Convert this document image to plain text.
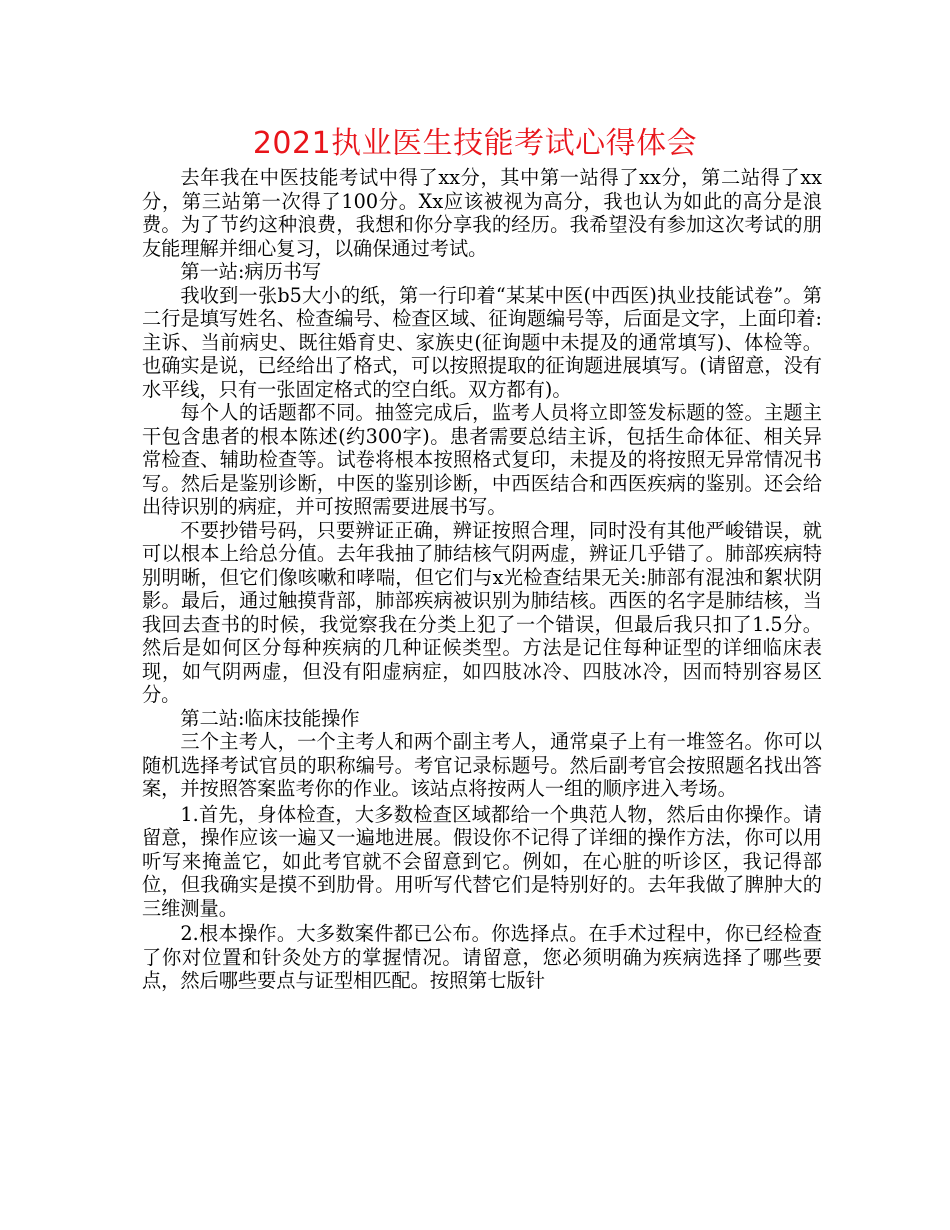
2021执业医生技能考试心得体会

去年我在中医技能考试中得了xx分，其中第一站得了xx分，第二站得了xx分，第三站第一次得了100分。Xx应该被视为高分，我也认为如此的高分是浪费。为了节约这种浪费，我想和你分享我的经历。我希望没有参加这次考试的朋友能理解并细心复习，以确保通过考试。

第一站:病历书写

我收到一张b5大小的纸，第一行印着“某某中医(中西医)执业技能试卷”。第二行是填写姓名、检查编号、检查区域、征询题编号等，后面是文字，上面印着:主诉、当前病史、既往婚育史、家族史(征询题中未提及的通常填写)、体检等。也确实是说，已经给出了格式，可以按照提取的征询题进展填写。(请留意，没有水平线，只有一张固定格式的空白纸。双方都有)。

每个人的话题都不同。抽签完成后，监考人员将立即签发标题的签。主题主干包含患者的根本陈述(约300字)。患者需要总结主诉，包括生命体征、相关异常检查、辅助检查等。试卷将根本按照格式复印，未提及的将按照无异常情况书写。然后是鉴别诊断，中医的鉴别诊断，中西医结合和西医疾病的鉴别。还会给出待识别的病症，并可按照需要进展书写。

不要抄错号码，只要辨证正确，辨证按照合理，同时没有其他严峻错误，就可以根本上给总分值。去年我抽了肺结核气阴两虚，辨证几乎错了。肺部疾病特别明晰，但它们像咳嗽和哮喘，但它们与x光检查结果无关:肺部有混浊和絮状阴影。最后，通过触摸背部，肺部疾病被识别为肺结核。西医的名字是肺结核，当我回去查书的时候，我觉察我在分类上犯了一个错误，但最后我只扣了1.5分。然后是如何区分每种疾病的几种证候类型。方法是记住每种证型的详细临床表现，如气阴两虚，但没有阳虚病症，如四肢冰冷、四肢冰冷，因而特别容易区分。

第二站:临床技能操作

三个主考人，一个主考人和两个副主考人，通常桌子上有一堆签名。你可以随机选择考试官员的职称编号。考官记录标题号。然后副考官会按照题名找出答案，并按照答案监考你的作业。该站点将按两人一组的顺序进入考场。

1.首先，身体检查，大多数检查区域都给一个典范人物，然后由你操作。请留意，操作应该一遍又一遍地进展。假设你不记得了详细的操作方法，你可以用听写来掩盖它，如此考官就不会留意到它。例如，在心脏的听诊区，我记得部位，但我确实是摸不到肋骨。用听写代替它们是特别好的。去年我做了脾肿大的三维测量。

2.根本操作。大多数案件都已公布。你选择点。在手术过程中，你已经检查了你对位置和针灸处方的掌握情况。请留意，您必须明确为疾病选择了哪些要点，然后哪些要点与证型相匹配。按照第七版针
